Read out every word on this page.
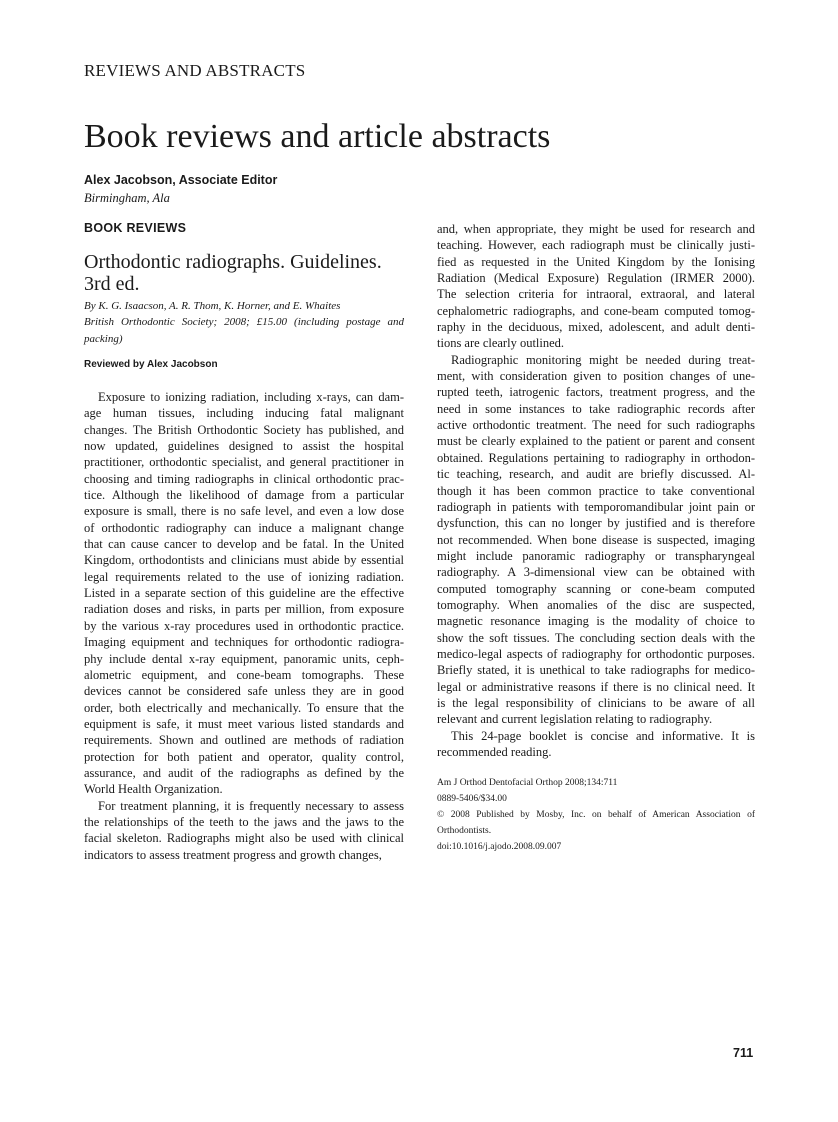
REVIEWS AND ABSTRACTS
Book reviews and article abstracts
Alex Jacobson, Associate Editor
Birmingham, Ala
BOOK REVIEWS
Orthodontic radiographs. Guidelines.
3rd ed.
By K. G. Isaacson, A. R. Thom, K. Horner, and E. Whaites
British Orthodontic Society; 2008; £15.00 (including postage and
packing)
Reviewed by Alex Jacobson
Exposure to ionizing radiation, including x-rays, can dam-
age human tissues, including inducing fatal malignant
changes. The British Orthodontic Society has published, and
now updated, guidelines designed to assist the hospital
practitioner, orthodontic specialist, and general practitioner in
choosing and timing radiographs in clinical orthodontic prac-
tice. Although the likelihood of damage from a particular
exposure is small, there is no safe level, and even a low dose
of orthodontic radiography can induce a malignant change
that can cause cancer to develop and be fatal. In the United
Kingdom, orthodontists and clinicians must abide by essential
legal requirements related to the use of ionizing radiation.
Listed in a separate section of this guideline are the effective
radiation doses and risks, in parts per million, from exposure
by the various x-ray procedures used in orthodontic practice.
Imaging equipment and techniques for orthodontic radiogra-
phy include dental x-ray equipment, panoramic units, ceph-
alometric equipment, and cone-beam tomographs. These
devices cannot be considered safe unless they are in good
order, both electrically and mechanically. To ensure that the
equipment is safe, it must meet various listed standards and
requirements. Shown and outlined are methods of radiation
protection for both patient and operator, quality control,
assurance, and audit of the radiographs as defined by the
World Health Organization.
For treatment planning, it is frequently necessary to assess
the relationships of the teeth to the jaws and the jaws to the
facial skeleton. Radiographs might also be used with clinical
indicators to assess treatment progress and growth changes,
and, when appropriate, they might be used for research and
teaching. However, each radiograph must be clinically justi-
fied as requested in the United Kingdom by the Ionising
Radiation (Medical Exposure) Regulation (IRMER 2000).
The selection criteria for intraoral, extraoral, and lateral
cephalometric radiographs, and cone-beam computed tomog-
raphy in the deciduous, mixed, adolescent, and adult denti-
tions are clearly outlined.
Radiographic monitoring might be needed during treat-
ment, with consideration given to position changes of une-
rupted teeth, iatrogenic factors, treatment progress, and the
need in some instances to take radiographic records after
active orthodontic treatment. The need for such radiographs
must be clearly explained to the patient or parent and consent
obtained. Regulations pertaining to radiography in orthodon-
tic teaching, research, and audit are briefly discussed. Al-
though it has been common practice to take conventional
radiograph in patients with temporomandibular joint pain or
dysfunction, this can no longer by justified and is therefore
not recommended. When bone disease is suspected, imaging
might include panoramic radiography or transpharyngeal
radiography. A 3-dimensional view can be obtained with
computed tomography scanning or cone-beam computed
tomography. When anomalies of the disc are suspected,
magnetic resonance imaging is the modality of choice to
show the soft tissues. The concluding section deals with the
medico-legal aspects of radiography for orthodontic purposes.
Briefly stated, it is unethical to take radiographs for medico-
legal or administrative reasons if there is no clinical need. It
is the legal responsibility of clinicians to be aware of all
relevant and current legislation relating to radiography.
This 24-page booklet is concise and informative. It is
recommended reading.
Am J Orthod Dentofacial Orthop 2008;134:711
0889-5406/$34.00
© 2008 Published by Mosby, Inc. on behalf of American Association of
Orthodontists.
doi:10.1016/j.ajodo.2008.09.007
711
